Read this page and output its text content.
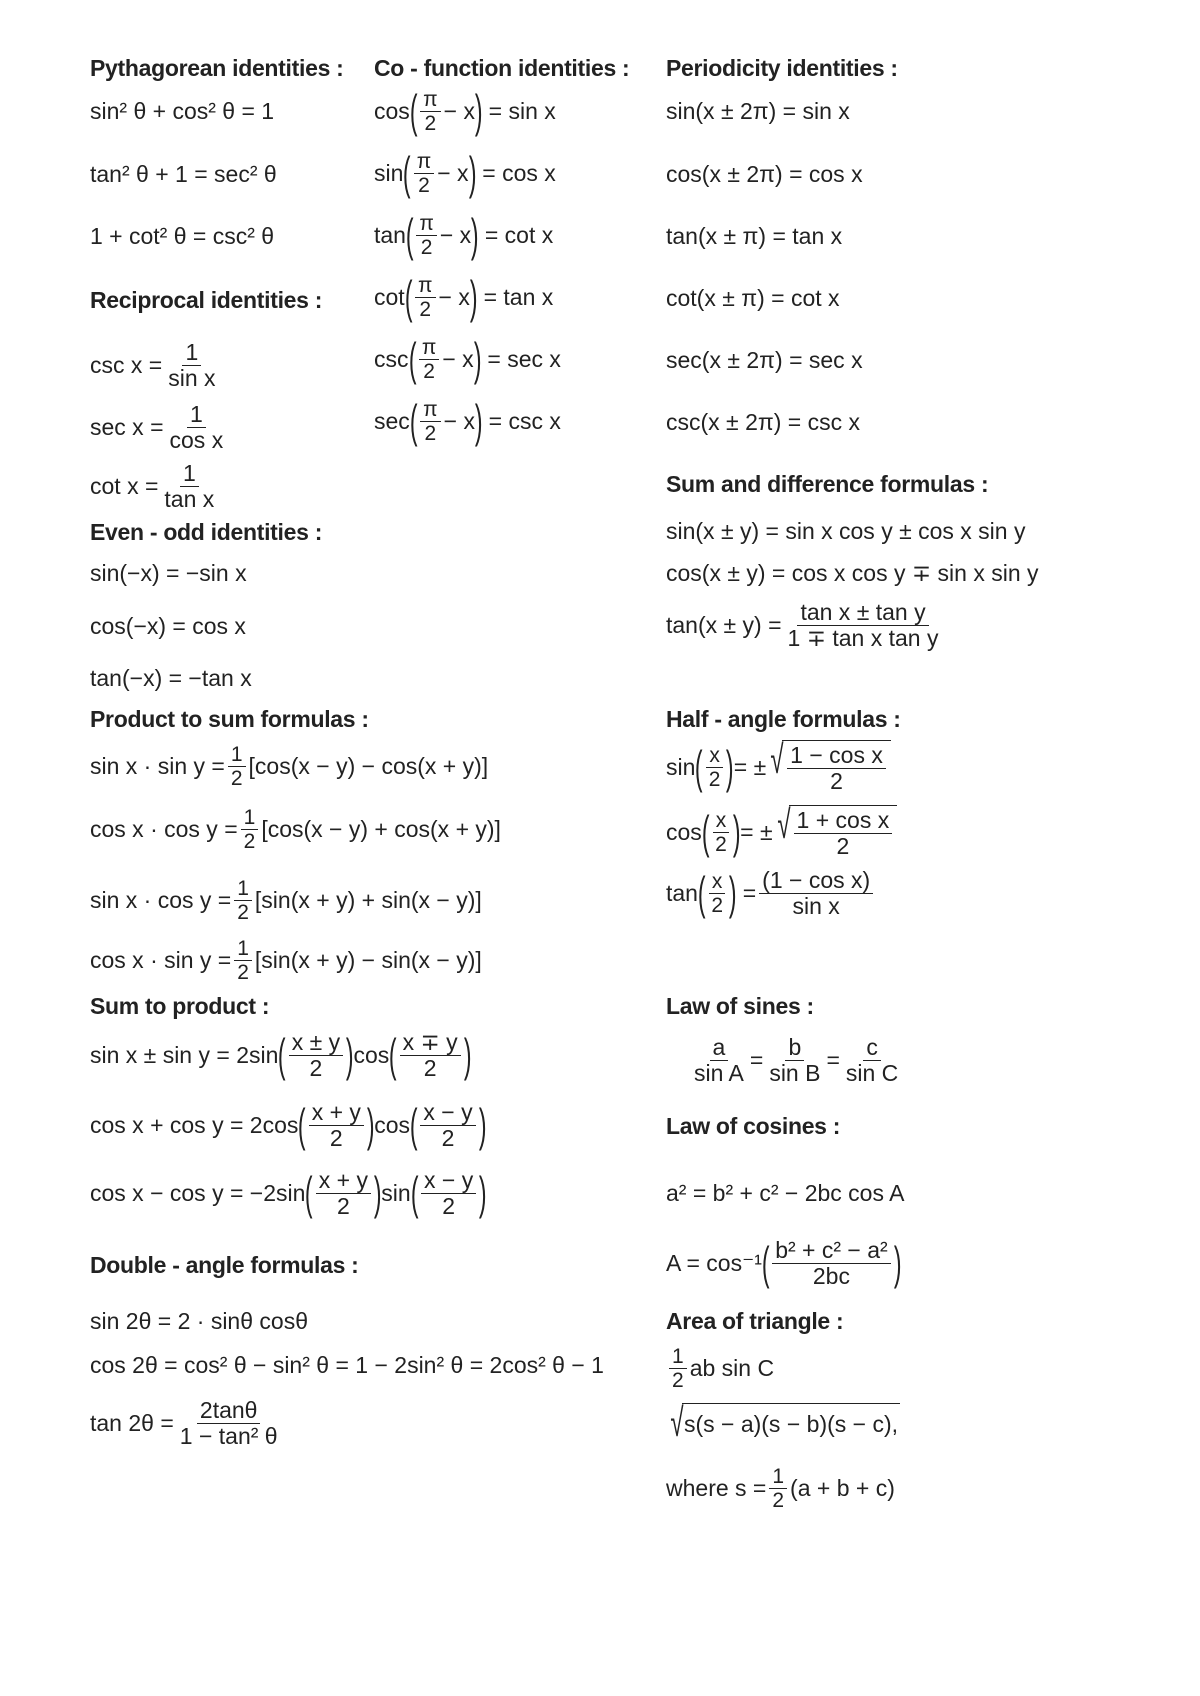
Pythagorean identities : Co - function identities : Periodicity identities :
Reciprocal identities :
Sum and difference formulas :
Even - odd identities :
Product to sum formulas :	Half - angle formulas :
Sum to product :	Law of sines :
Law of cosines :
Double - angle formulas :
Area of triangle :
sin² θ + cos² θ = 1
tan² θ + 1 = sec² θ
1 + cot² θ = csc² θ
cos ( $\frac{\pi}{2} - x$ )
= sin x
sin ( $\frac{\pi}{2} - x$ )
= cos x
tan ( $\frac{\pi}{2} - x$ )
= cot x
cot ( $\frac{\pi}{2} - x$ )
= tan x
csc ( $\frac{\pi}{2} - x$ )
= sec x
sec ( $\frac{\pi}{2} - x$ )
= csc x
sin(x ± 2π) = sin x
cos(x ± 2π) = cos x
tan(x ± π) = tan x
cot(x ± π) = cot x
sec(x ± 2π) = sec x
csc(x ± 2π) = csc x
$\csc x = \frac{1}{\text{sin x}}$
$\sec x = \frac{1}{\text{cos x}}$
$\cot x = \frac{1}{\text{tan x}}$
sin(x ± y) = sin x cos y ± cos x sin y
cos(x ± y) = cos x cos y ∓ sin x sin y
$\tan(x \pm y) = \frac{\text{tan x ± tan y}}{\text{1 ∓ tan x tan y}}$
sin(−x) = −sin x
cos(−x) = cos x
tan(−x) = −tan x
$\sin x \cdot \sin y = \frac{1}{2} [\cos(x - y) - \cos(x + y)]$
$\cos x \cdot \cos y = \frac{1}{2} [\cos(x - y) + \cos(x + y)]$
$\sin x \cdot \cos y = \frac{1}{2} [\sin(x + y) + \sin(x - y)]$
$\cos x \cdot \sin y = \frac{1}{2} [\sin(x + y) - \sin(x - y)]$
sin ( $\frac{x}{2}$ ) = ± √ $\frac{\text{1 − cos x}}{2}$
cos ( $\frac{x}{2}$ ) = ± √ $\frac{\text{1 + cos x}}{2}$
tan ( $\frac{x}{2}$ )
= $\frac{\text{(1 − cos x)}}{\text{sin x}}$
sin x ± sin y = 2sin ( $\frac{x \pm y}{2}$ ) cos ( $\frac{x \mp y}{2}$ )
cos x + cos y = 2cos ( $\frac{x + y}{2}$ ) cos ( $\frac{x - y}{2}$ )
cos x − cos y = −2sin ( $\frac{x + y}{2}$ ) sin ( $\frac{x - y}{2}$ )
$\frac{a}{\text{sin A}} = \frac{b}{\text{sin B}} = \frac{c}{\text{sin C}}$
a² = b² + c² − 2bc cos A
A = cos⁻¹ ( $\frac{\text{b² + c² − a²}}{2bc}$ )
sin 2θ = 2 · sinθ cosθ
cos 2θ = cos² θ − sin² θ = 1 − 2sin² θ = 2cos² θ − 1
$\tan 2\theta = \frac{2\tan\theta}{\text{1 − tan² θ}}$
$\frac{1}{2}$ ab sin C
√ s(s − a)(s − b)(s − c),
where $s = \frac{1}{2} (a + b + c)$
